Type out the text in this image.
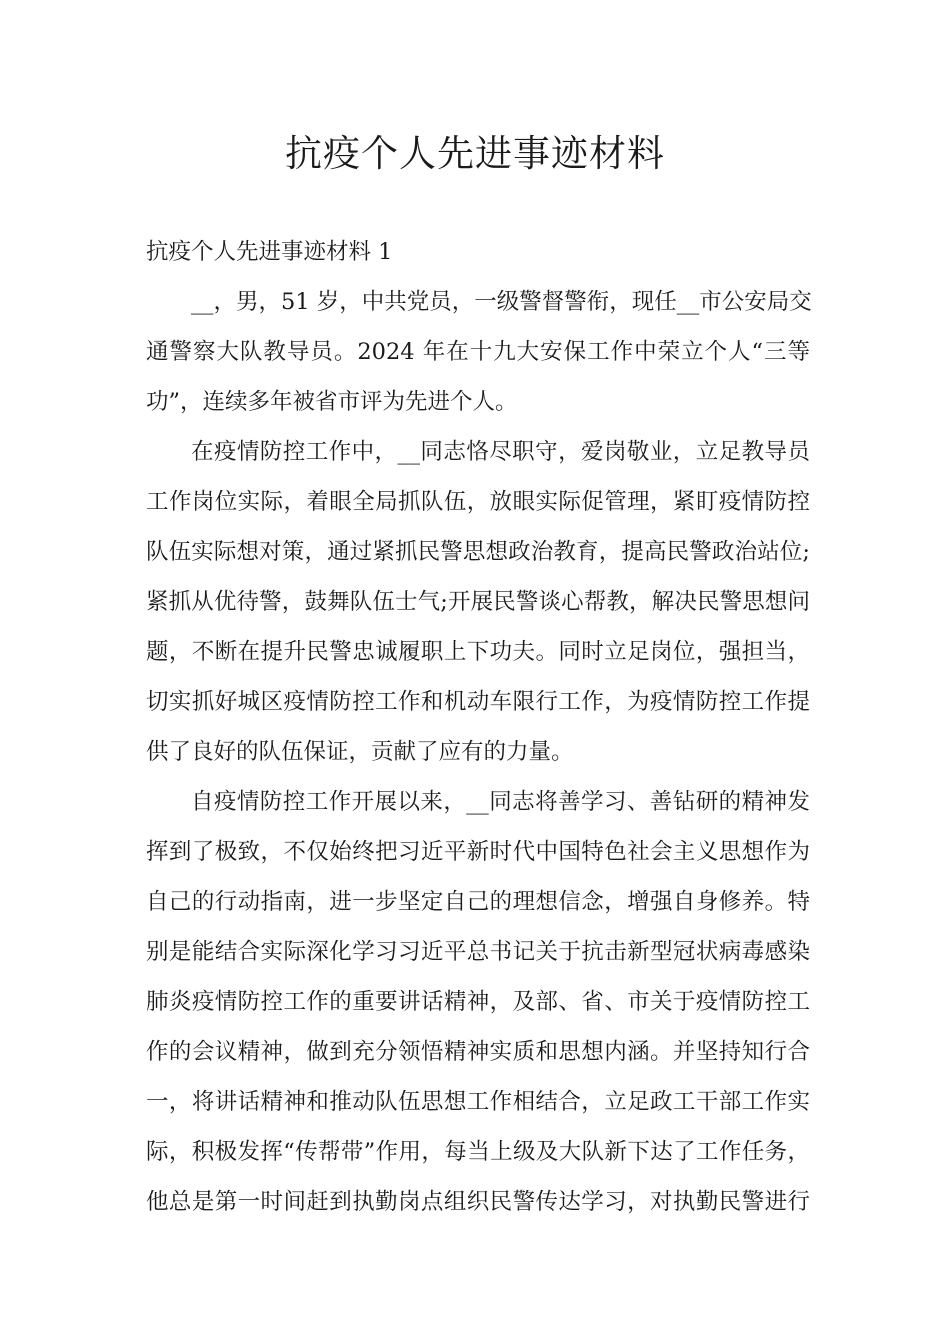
抗疫个人先进事迹材料

抗疫个人先进事迹材料 1

__，男，51 岁，中共党员，一级警督警衔，现任__市公安局交
通警察大队教导员。2024 年在十九大安保工作中荣立个人“三等
功”，连续多年被省市评为先进个人。

在疫情防控工作中，__同志恪尽职守，爱岗敬业，立足教导员
工作岗位实际，着眼全局抓队伍，放眼实际促管理，紧盯疫情防控
队伍实际想对策，通过紧抓民警思想政治教育，提高民警政治站位;
紧抓从优待警，鼓舞队伍士气;开展民警谈心帮教，解决民警思想问
题，不断在提升民警忠诚履职上下功夫。同时立足岗位，强担当，
切实抓好城区疫情防控工作和机动车限行工作，为疫情防控工作提
供了良好的队伍保证，贡献了应有的力量。

自疫情防控工作开展以来，__同志将善学习、善钻研的精神发
挥到了极致，不仅始终把习近平新时代中国特色社会主义思想作为
自己的行动指南，进一步坚定自己的理想信念，增强自身修养。特
别是能结合实际深化学习习近平总书记关于抗击新型冠状病毒感染
肺炎疫情防控工作的重要讲话精神，及部、省、市关于疫情防控工
作的会议精神，做到充分领悟精神实质和思想内涵。并坚持知行合
一，将讲话精神和推动队伍思想工作相结合，立足政工干部工作实
际，积极发挥“传帮带”作用，每当上级及大队新下达了工作任务，
他总是第一时间赶到执勤岗点组织民警传达学习，对执勤民警进行
